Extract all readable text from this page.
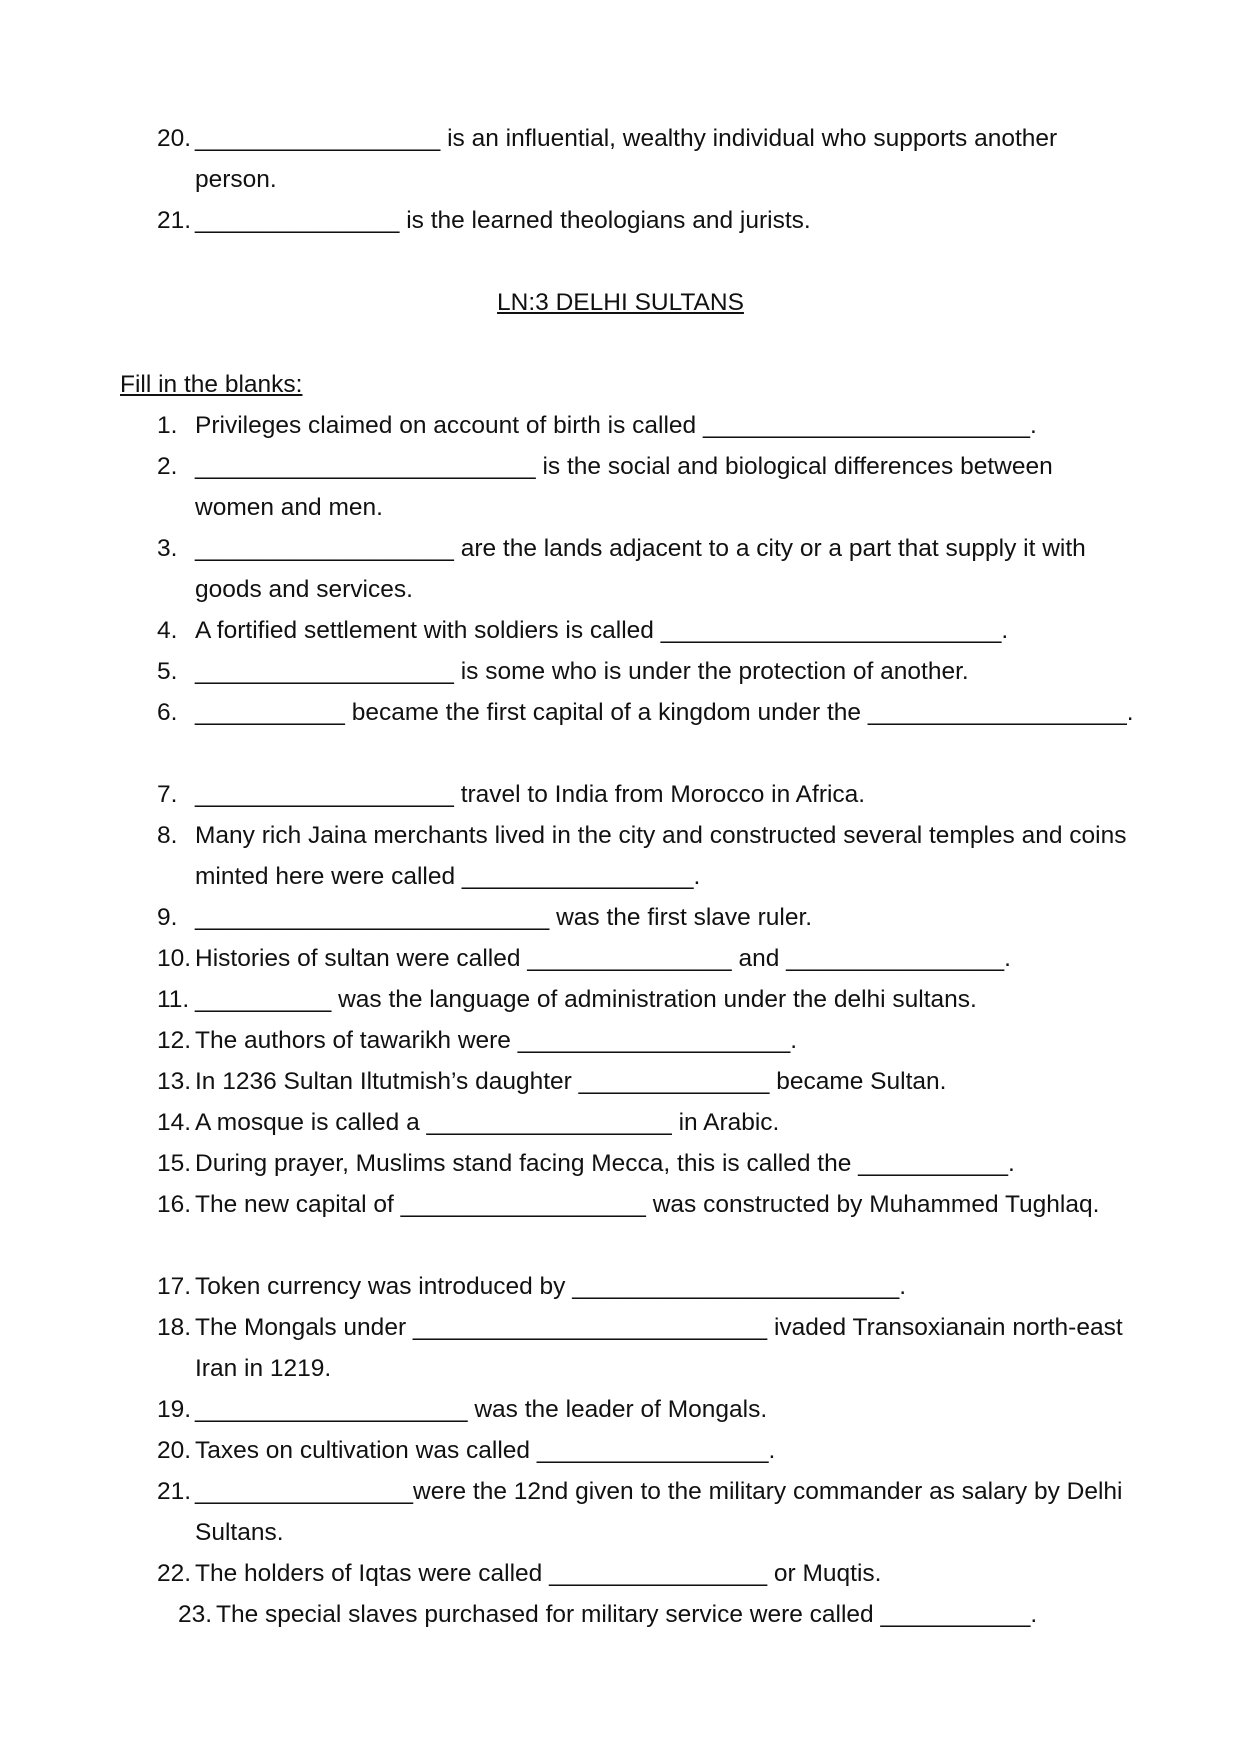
20. __________________ is an influential, wealthy individual who supports another person.
21. _______________ is the learned theologians and jurists.
LN:3 DELHI SULTANS
Fill in the blanks:
1. Privileges claimed on account of birth is called ________________________.
2. _________________________ is the social and biological differences between women and men.
3. ___________________ are the lands adjacent to a city or a part that supply it with goods and services.
4. A fortified settlement with soldiers is called _________________________.
5. ___________________ is some who is under the protection of another.
6. ___________ became the first capital of a kingdom under the ___________________.
7. ___________________ travel to India from Morocco in Africa.
8. Many rich Jaina merchants lived in the city and constructed several temples and coins minted here were called _________________.
9. __________________________ was the first slave ruler.
10. Histories of sultan were called _______________ and ________________.
11. __________ was the language of administration under the delhi sultans.
12. The authors of tawarikh were ____________________.
13. In 1236 Sultan Iltutmish’s daughter ______________ became Sultan.
14. A mosque is called a __________________ in Arabic.
15. During prayer, Muslims stand facing Mecca, this is called the ___________.
16. The new capital of __________________ was constructed by Muhammed Tughlaq.
17. Token currency was introduced by ________________________.
18. The Mongals under __________________________ ivaded Transoxianain north-east Iran in 1219.
19. ____________________ was the leader of Mongals.
20. Taxes on cultivation was called _________________.
21. ________________were the 12nd given to the military commander as salary by Delhi Sultans.
22. The holders of Iqtas were called ________________ or Muqtis.
23. The special slaves purchased for military service were called ___________.
